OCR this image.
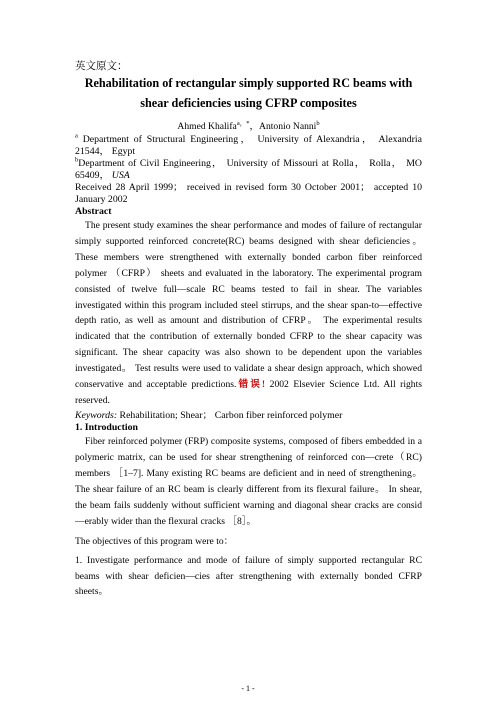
英文原文：

Rehabilitation of rectangular simply supported RC beams with

shear deficiencies using CFRP composites

Ahmed Khalifa$^{a,*}$，Antonio Nanni$^b$

$^a$ Department of Structural Engineering， University of Alexandria， Alexandria 21544， Egypt

$^b$Department of Civil Engineering， University of Missouri at Rolla， Rolla， MO 65409， USA

Received 28 April 1999； received in revised form 30 October 2001； accepted 10 January 2002

Abstract

The present study examines the shear performance and modes of failure of rectangular simply supported reinforced concrete(RC) beams designed with shear deficiencies。 These members were strengthened with externally bonded carbon fiber reinforced polymer （CFRP） sheets and evaluated in the laboratory. The experimental program consisted of twelve full—scale RC beams tested to fail in shear. The variables investigated within this program included steel stirrups, and the shear span-to—effective depth ratio, as well as amount and distribution of CFRP。 The experimental results indicated that the contribution of externally bonded CFRP to the shear capacity was significant. The shear capacity was also shown to be dependent upon the variables investigated。 Test results were used to validate a shear design approach, which showed conservative and acceptable predictions.错误! 2002 Elsevier Science Ltd. All rights reserved.

Keywords: Rehabilitation; Shear； Carbon fiber reinforced polymer

1. Introduction

Fiber reinforced polymer (FRP) composite systems, composed of fibers embedded in a polymeric matrix, can be used for shear strengthening of reinforced con—crete（RC) members ［1–7]. Many existing RC beams are deficient and in need of strengthening。 The shear failure of an RC beam is clearly different from its flexural failure。 In shear, the beam fails suddenly without sufficient warning and diagonal shear cracks are consid—erably wider than the flexural cracks ［8］。

The objectives of this program were to：

1. Investigate performance and mode of failure of simply supported rectangular RC beams with shear deficien—cies after strengthening with externally bonded CFRP sheets。

- 1 -
